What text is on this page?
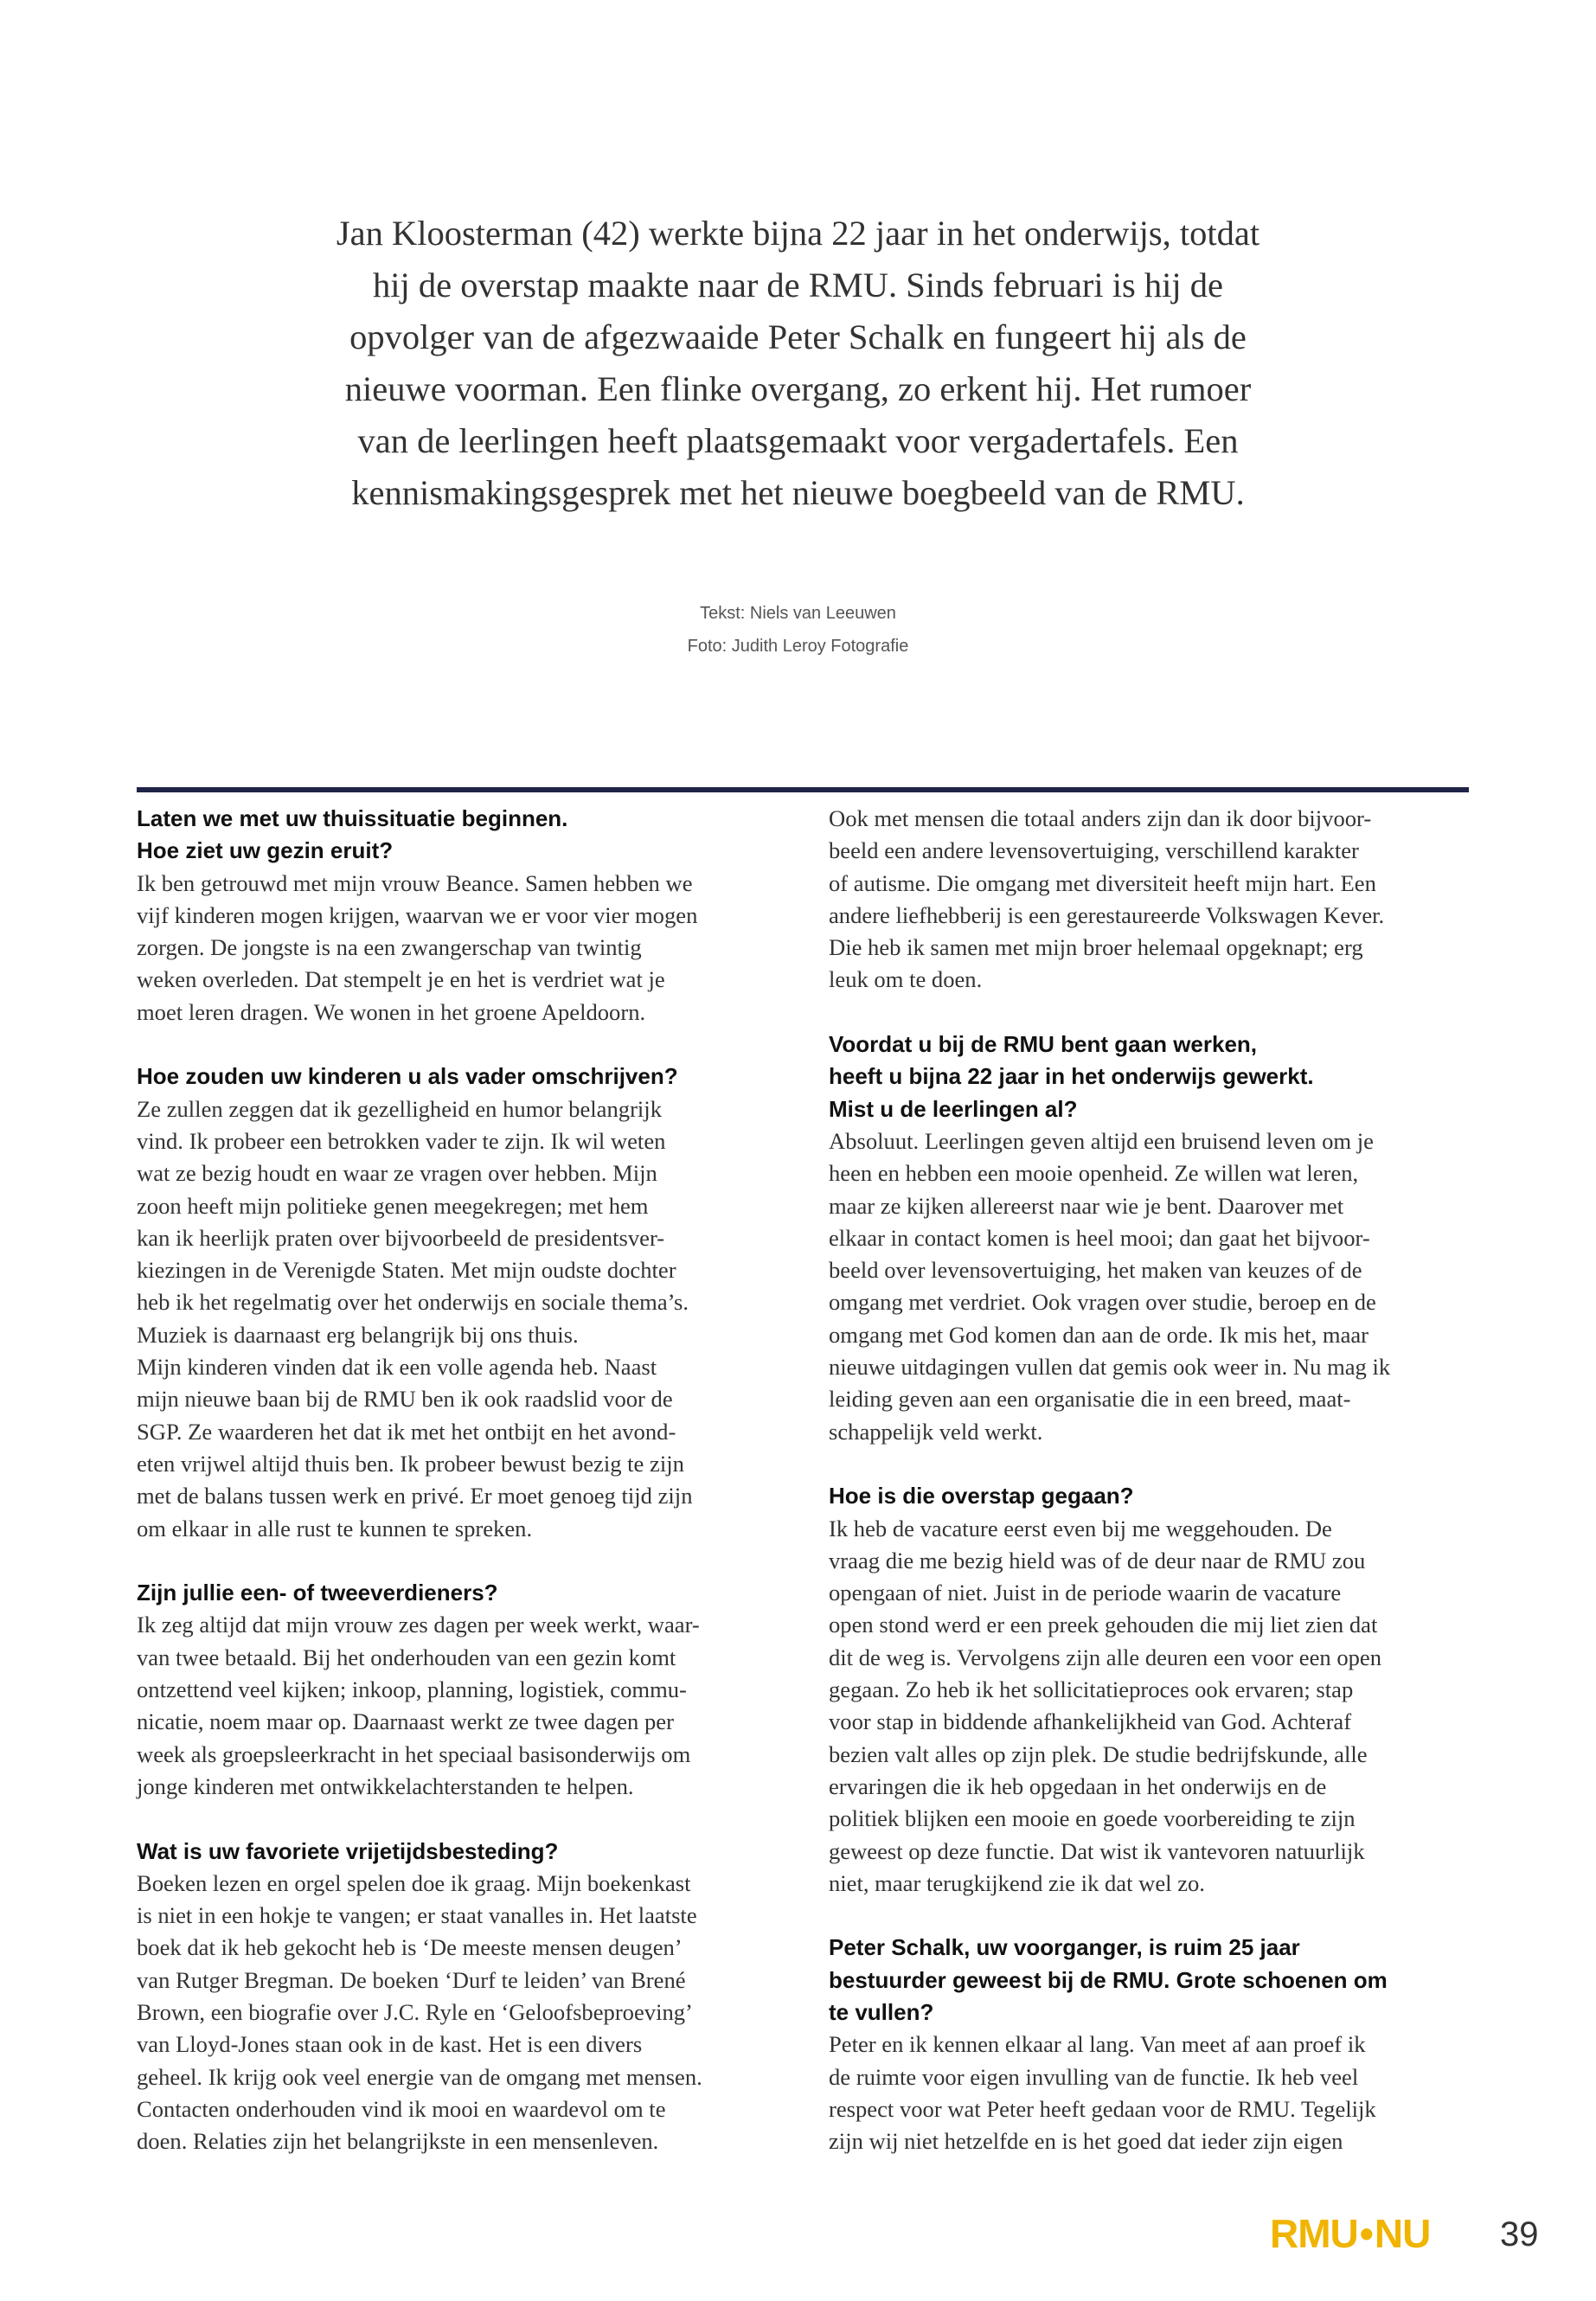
Jan Kloosterman (42) werkte bijna 22 jaar in het onderwijs, totdat

hij de overstap maakte naar de RMU. Sinds februari is hij de

opvolger van de afgezwaaide Peter Schalk en fungeert hij als de

nieuwe voorman. Een flinke overgang, zo erkent hij. Het rumoer

van de leerlingen heeft plaatsgemaakt voor vergadertafels. Een

kennismakingsgesprek met het nieuwe boegbeeld van de RMU.

Tekst: Niels van Leeuwen
Foto: Judith Leroy Fotografie
Laten we met uw thuissituatie beginnen.
Hoe ziet uw gezin eruit?
Ik ben getrouwd met mijn vrouw Beance. Samen hebben we
vijf kinderen mogen krijgen, waarvan we er voor vier mogen
zorgen. De jongste is na een zwangerschap van twintig
weken overleden. Dat stempelt je en het is verdriet wat je
moet leren dragen. We wonen in het groene Apeldoorn.
Hoe zouden uw kinderen u als vader omschrijven?
Ze zullen zeggen dat ik gezelligheid en humor belangrijk
vind. Ik probeer een betrokken vader te zijn. Ik wil weten
wat ze bezig houdt en waar ze vragen over hebben. Mijn
zoon heeft mijn politieke genen meegekregen; met hem
kan ik heerlijk praten over bijvoorbeeld de presidentsver-
kiezingen in de Verenigde Staten. Met mijn oudste dochter
heb ik het regelmatig over het onderwijs en sociale thema’s.
Muziek is daarnaast erg belangrijk bij ons thuis.
Mijn kinderen vinden dat ik een volle agenda heb. Naast
mijn nieuwe baan bij de RMU ben ik ook raadslid voor de
SGP. Ze waarderen het dat ik met het ontbijt en het avond-
eten vrijwel altijd thuis ben. Ik probeer bewust bezig te zijn
met de balans tussen werk en privé. Er moet genoeg tijd zijn
om elkaar in alle rust te kunnen te spreken.
Zijn jullie een- of tweeverdieners?
Ik zeg altijd dat mijn vrouw zes dagen per week werkt, waar-
van twee betaald. Bij het onderhouden van een gezin komt
ontzettend veel kijken; inkoop, planning, logistiek, commu-
nicatie, noem maar op. Daarnaast werkt ze twee dagen per
week als groepsleerkracht in het speciaal basisonderwijs om
jonge kinderen met ontwikkelachterstanden te helpen.
Wat is uw favoriete vrijetijdsbesteding?
Boeken lezen en orgel spelen doe ik graag. Mijn boekenkast
is niet in een hokje te vangen; er staat vanalles in. Het laatste
boek dat ik heb gekocht heb is ‘De meeste mensen deugen’
van Rutger Bregman. De boeken ‘Durf te leiden’ van Brené
Brown, een biografie over J.C. Ryle en ‘Geloofsbeproeving’
van Lloyd-Jones staan ook in de kast. Het is een divers
geheel. Ik krijg ook veel energie van de omgang met mensen.
Contacten onderhouden vind ik mooi en waardevol om te
doen. Relaties zijn het belangrijkste in een mensenleven.
Ook met mensen die totaal anders zijn dan ik door bijvoor-
beeld een andere levensovertuiging, verschillend karakter
of autisme. Die omgang met diversiteit heeft mijn hart. Een
andere liefhebberij is een gerestaureerde Volkswagen Kever.
Die heb ik samen met mijn broer helemaal opgeknapt; erg
leuk om te doen.
Voordat u bij de RMU bent gaan werken,
heeft u bijna 22 jaar in het onderwijs gewerkt.
Mist u de leerlingen al?
Absoluut. Leerlingen geven altijd een bruisend leven om je
heen en hebben een mooie openheid. Ze willen wat leren,
maar ze kijken allereerst naar wie je bent. Daarover met
elkaar in contact komen is heel mooi; dan gaat het bijvoor-
beeld over levensovertuiging, het maken van keuzes of de
omgang met verdriet. Ook vragen over studie, beroep en de
omgang met God komen dan aan de orde. Ik mis het, maar
nieuwe uitdagingen vullen dat gemis ook weer in. Nu mag ik
leiding geven aan een organisatie die in een breed, maat-
schappelijk veld werkt.
Hoe is die overstap gegaan?
Ik heb de vacature eerst even bij me weggehouden. De
vraag die me bezig hield was of de deur naar de RMU zou
opengaan of niet. Juist in de periode waarin de vacature
open stond werd er een preek gehouden die mij liet zien dat
dit de weg is. Vervolgens zijn alle deuren een voor een open
gegaan. Zo heb ik het sollicitatieproces ook ervaren; stap
voor stap in biddende afhankelijkheid van God. Achteraf
bezien valt alles op zijn plek. De studie bedrijfskunde, alle
ervaringen die ik heb opgedaan in het onderwijs en de
politiek blijken een mooie en goede voorbereiding te zijn
geweest op deze functie. Dat wist ik vantevoren natuurlijk
niet, maar terugkijkend zie ik dat wel zo.
Peter Schalk, uw voorganger, is ruim 25 jaar
bestuurder geweest bij de RMU. Grote schoenen om
te vullen?
Peter en ik kennen elkaar al lang. Van meet af aan proef ik
de ruimte voor eigen invulling van de functie. Ik heb veel
respect voor wat Peter heeft gedaan voor de RMU. Tegelijk
zijn wij niet hetzelfde en is het goed dat ieder zijn eigen
RMU•NU 39
